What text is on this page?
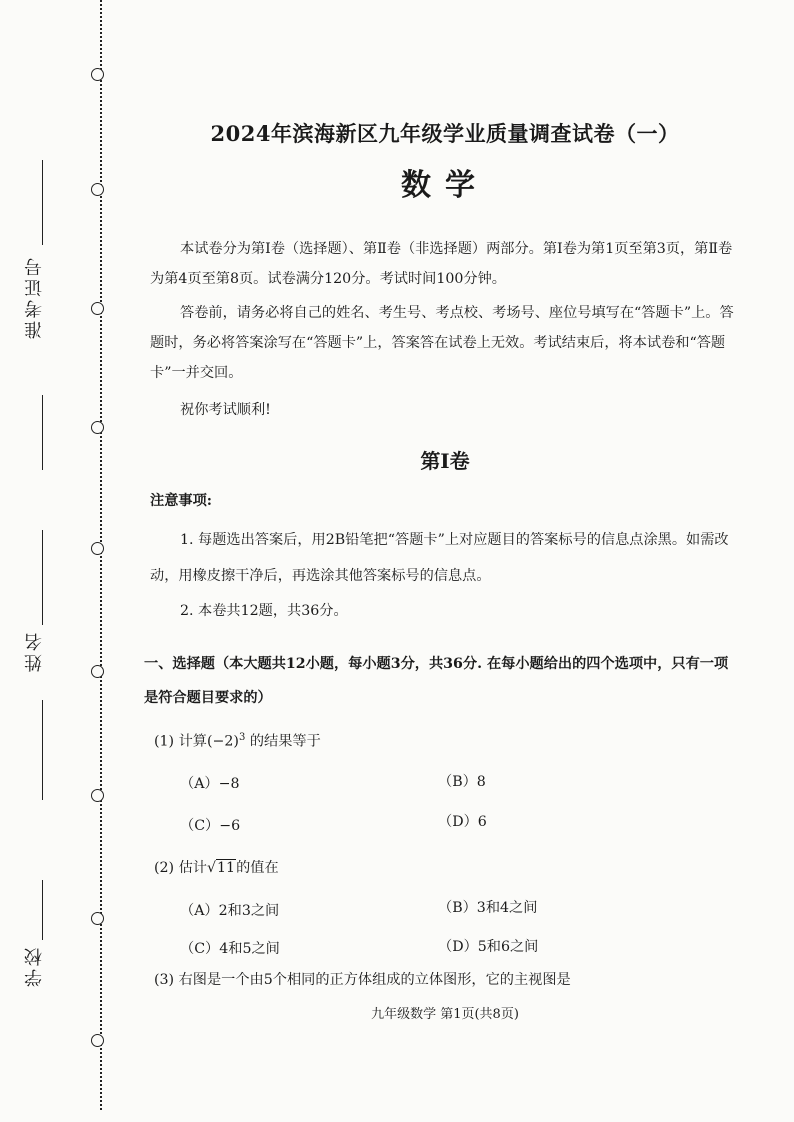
准考证号
姓名
学校
2024年滨海新区九年级学业质量调查试卷（一）
数学
本试卷分为第Ⅰ卷（选择题）、第Ⅱ卷（非选择题）两部分。第Ⅰ卷为第1页至第3页，第Ⅱ卷为第4页至第8页。试卷满分120分。考试时间100分钟。
答卷前，请务必将自己的姓名、考生号、考点校、考场号、座位号填写在“答题卡”上。答题时，务必将答案涂写在“答题卡”上，答案答在试卷上无效。考试结束后，将本试卷和“答题卡”一并交回。
祝你考试顺利!
第Ⅰ卷
注意事项:
1. 每题选出答案后，用2B铅笔把“答题卡”上对应题目的答案标号的信息点涂黑。如需改动，用橡皮擦干净后，再选涂其他答案标号的信息点。
2. 本卷共12题，共36分。
一、选择题（本大题共12小题，每小题3分，共36分. 在每小题给出的四个选项中，只有一项是符合题目要求的）
(1) 计算$(-2)^3$ 的结果等于
（A）−8	（B）8
（C）−6	（D）6
(2) 估计√11的值在
（A）2和3之间	（B）3和4之间
（C）4和5之间	（D）5和6之间
(3) 右图是一个由5个相同的正方体组成的立体图形，它的主视图是
九年级数学 第1页(共8页)
